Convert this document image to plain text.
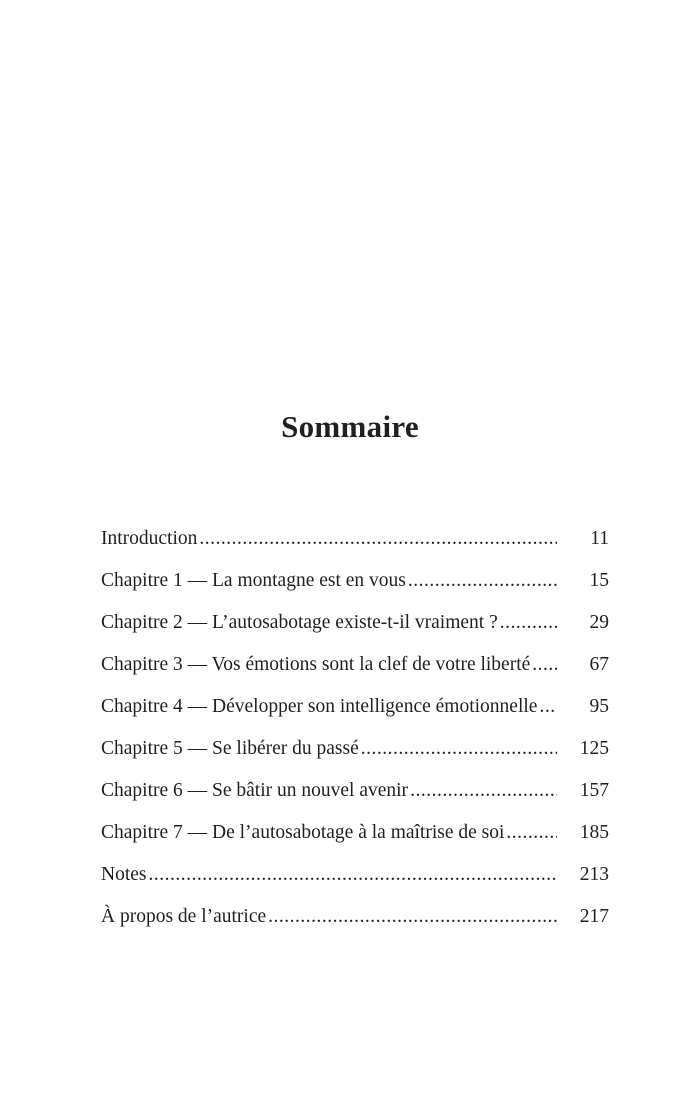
Sommaire
Introduction .....	11
Chapitre 1 — La montagne est en vous .....	15
Chapitre 2 — L’autosabotage existe-t-il vraiment ? .....	29
Chapitre 3 — Vos émotions sont la clef de votre liberté .....	67
Chapitre 4 — Développer son intelligence émotionnelle .....	95
Chapitre 5 — Se libérer du passé .....	125
Chapitre 6 — Se bâtir un nouvel avenir .....	157
Chapitre 7 — De l’autosabotage à la maîtrise de soi .....	185
Notes .....	213
À propos de l’autrice .....	217
